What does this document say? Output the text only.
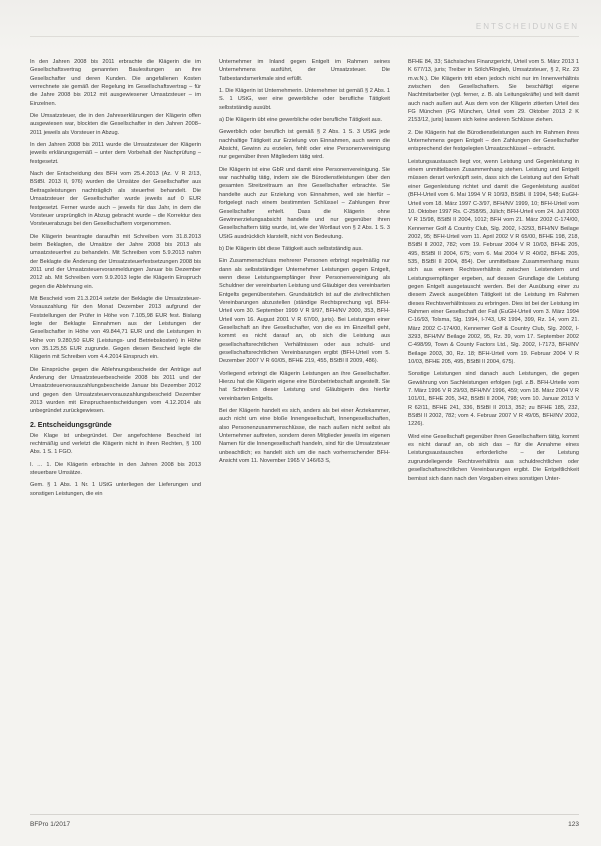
ENTSCHEIDUNGEN

In den Jahren 2008 bis 2011 erbrachte die Klägerin die im Gesellschaftsvertrag genannten Baulesitungen an ihre Gesellschafter und deren Kunden. Die angefallenen Kosten verrechnete sie gemäß der Regelung im Gesellschaftsvertrag – für die Jahre 2008 bis 2012 mit ausgewiesener Umsatzsteuer – im Einzelnen.

Die Umsatzsteuer, die in den Jahreserklärungen der Klägerin offen ausgewiesen war, blockten die Gesellschafter in den Jahren 2008–2011 jeweils als Vorsteuer in Abzug.

In den Jahren 2008 bis 2011 wurde die Umsatzsteuer der Klägerin jeweils erklärungsgemäß – unter dem Vorbehalt der Nachprüfung – festgesetzt.

Nach der Entscheidung des BFH vom 25.4.2013 (Az. V R 2/13, BStBl. 2013 II, 976) wurden die Umsätze der Gesellschafter aus Beitragsleistungen nachträglich als steuerfrei behandelt. Die Umsatzsteuer der Gesellschafter wurde jeweils auf 0 EUR festgesetzt. Ferner wurde auch – jeweils für das Jahr, in dem die Vorsteuer ursprünglich in Abzug gebracht wurde – die Korrektur des Vorsteuerabzugs bei den Gesellschaftern vorgenommen.

Die Klägerin beantragte daraufhin mit Schreiben vom 31.8.2013 beim Beklagten, die Umsätze der Jahre 2008 bis 2013 als umsatzsteuerfrei zu behandeln. Mit Schreiben vom 5.9.2013 nahm der Beklagte die Änderung der Umsatzsteuerfestsetzungen 2008 bis 2011 und der Umsatzsteuervoranmeldungen Januar bis Dezember 2012 ab. Mit Schreiben vom 9.9.2013 legte die Klägerin Einspruch gegen die Ablehnung ein.

Mit Bescheid vom 21.3.2014 setzte der Beklagte die Umsatzsteuer-Vorauszahlung für den Monat Dezember 2013 aufgrund der Feststellungen der Prüfer in Höhe von 7.105,98 EUR fest. Bislang legte der Beklagte Einnahmen aus der Leistungen der Gesellschafter in Höhe von 49.844,71 EUR und die Leistungen in Höhe von 9.280,50 EUR (Leistungs- und Betriebskosten) in Höhe von 35.125,55 EUR zugrunde. Gegen diesen Bescheid legte die Klägerin mit Schreiben vom 4.4.2014 Einspruch ein.

Die Einsprüche gegen die Ablehnungsbescheide der Anträge auf Änderung der Umsatzsteuerbescheide 2008 bis 2011 und der Umsatzsteuervorauszahlungsbescheide Januar bis Dezember 2012 und gegen den Umsatzsteuervorauszahlungsbescheid Dezember 2013 wurden mit Einspruchsentscheidungen vom 4.12.2014 als unbegründet zurückgewiesen.

2. Entscheidungsgründe

Die Klage ist unbegründet. Der angefochtene Bescheid ist rechtmäßig und verletzt die Klägerin nicht in ihren Rechten, § 100 Abs. 1 S. 1 FGO.

I. … 1. Die Klägerin erbrachte in den Jahren 2008 bis 2013 steuerbare Umsätze.

Gem. § 1 Abs. 1 Nr. 1 UStG unterliegen der Lieferungen und sonstigen Leistungen, die ein

Unternehmer im Inland gegen Entgelt im Rahmen seines Unternehmens ausführt, der Umsatzsteuer. Die Tatbestandsmerkmale sind erfüllt.

1. Die Klägerin ist Unternehmerin. Unternehmer ist gemäß § 2 Abs. 1 S. 1 UStG, wer eine gewerbliche oder berufliche Tätigkeit selbstständig ausübt.

a) Die Klägerin übt eine gewerbliche oder berufliche Tätigkeit aus.

Gewerblich oder beruflich ist gemäß § 2 Abs. 1 S. 3 UStG jede nachhaltige Tätigkeit zur Erzielung von Einnahmen, auch wenn die Absicht, Gewinn zu erzielen, fehlt oder eine Personenvereinigung nur gegenüber ihren Mitgliedern tätig wird.

Die Klägerin ist eine GbR und damit eine Personenvereinigung. Sie war nachhaltig tätig, indem sie die Bürodienstleistungen über den gesamten Streitzeitraum an ihre Gesellschafter erbrachte. Sie handelte auch zur Erzielung von Einnahmen, weil sie hierfür – fortgelegt nach einem bestimmten Schlüssel – Zahlungen ihrer Gesellschafter erhielt. Dass die Klägerin ohne Gewinnerzielungsabsicht handelte und nur gegenüber ihren Gesellschaftern tätig wurde, ist, wie der Wortlaut von § 2 Abs. 1 S. 3 UStG ausdrücklich klarstellt, nicht von Bedeutung.

b) Die Klägerin übt diese Tätigkeit auch selbstständig aus.

Ein Zusammenschluss mehrerer Personen erbringt regelmäßig nur dann als selbstständiger Unternehmer Leistungen gegen Entgelt, wenn diese Leistungsempfänger ihrer Personenvereinigung als Schuldner der vereinbarten Leistung und Gläubiger des vereinbarten Entgelts gegenüberstehen. Grundsätzlich ist auf die zivilrechtlichen Vereinbarungen abzustellen (ständige Rechtsprechung vgl. BFH-Urteil vom 30. September 1999 V R 9/97, BFH/NV 2000, 353, BFH-Urteil vom 16. August 2001 V R 67/00, juris). Bei Leistungen einer Gesellschaft an ihre Gesellschafter, von die es im Einzelfall geht, kommt es nicht darauf an, ob sich die Leistung aus gesellschaftsrechtlichen Verhältnissen oder aus schuld- und gesellschaftsrechtlichen Vereinbarungen ergibt (BFH-Urteil vom 5. Dezember 2007 V R 60/05, BFHE 219, 455, BStBl II 2009, 486).

Vorliegend erbringt die Klägerin Leistungen an ihre Gesellschafter. Hierzu hat die Klägerin eigene eine Bürobetriebschaft angestellt. Sie hat Schreiben dieser Leistung und Gläubigerin des hierfür vereinbarten Entgelts.

Bei der Klägerin handelt es sich, anders als bei einer Ärztekammer, auch nicht um eine bloße Innengesellschaft, Innengesellschaften, also Personenzusammenschlüsse, die nach außen nicht selbst als Unternehmer auftreten, sondern deren Mitglieder jeweils im eigenen Namen für die Innengesellschaft handeln, sind für die Umsatzsteuer unbeachtlich; es handelt sich um die nach vorherrschender BFH-Ansicht vom 11. November 1965 V 146/63 S,

BFHE 84, 33; Sächsisches Finanzgericht, Urteil vom 5. März 2013 1 K 677/13, juris; Treiber in Sölch/Ringleb, Umsatzsteuer, § 2, Rz. 23 m.w.N.). Die Klägerin tritt eben jedoch nicht nur im Innenverhältnis zwischen den Gesellschaftern. Sie beschäftigt eigene Nachtmitarbeiter (vgl. ferner, z. B. als Leitungskräfte) und teilt damit auch nach außen auf. Aus dem von der Klägerin zitierten Urteil des FG München (FG München, Urteil vom 29. Oktober 2013 2 K 2153/12, juris) lassen sich keine anderen Schlüsse ziehen.

2. Die Klägerin hat die Bürodienstleistungen auch im Rahmen ihres Unternehmens gegen Entgelt – den Zahlungen der Gesellschafter entsprechend der festgelegten Umsatzschlüssel – erbracht.

Leistungsaustausch liegt vor, wenn Leistung und Gegenleistung in einem unmittelbaren Zusammenhang stehen. Leistung und Entgelt müssen derart verknüpft sein, dass sich die Leistung auf den Erhalt einer Gegenleistung richtet und damit die Gegenleistung auslöst (BFH-Urteil vom 6. Mai 1994 V R 10/93, BStBl. II 1994, 548; EuGH-Urteil vom 18. März 1997 C-3/97, BFH/NV 1999, 10; BFH-Urteil vom 10. Oktober 1997 Rs. C-258/95, Jülich; BFH-Urteil vom 24. Juli 2003 V R 15/98, BStBl II 2004, 1012; BFH vom 21. März 2002 C-174/00, Kennemer Golf & Country Club, Slg. 2002, I-3293, BFH/NV Beilage 2002, 95; BFH-Urteil vom 11. April 2002 V R 65/00, BFHE 198, 218, BStBl II 2002, 782; vom 19. Februar 2004 V R 10/03, BFHE 205, 495, BStBl II 2004, 675; vom 6. Mai 2004 V R 40/02, BFHE 205, 535, BStBl II 2004, 854). Der unmittelbare Zusammenhang muss sich aus einem Rechtsverhältnis zwischen Leistendem und Leistungsempfänger ergeben, auf dessen Grundlage die Leistung gegen Entgelt ausgetauscht werden. Bei der Ausübung einer zu diesem Zweck ausgeübten Tätigkeit ist die Leistung im Rahmen dieses Rechtsverhältnisses zu erbringen. Dies ist bei der Leistung im Rahmen einer Gesellschaft der Fall (EuGH-Urteil vom 3. März 1994 C-16/93, Tolsma, Slg. 1994, I-743, UR 1994, 399, Rz. 14, vom 21. März 2002 C-174/00, Kennemer Golf & Country Club, Slg. 2002, I-3293, BFH/NV Beilage 2002, 95, Rz. 39, vom 17. September 2002 C-498/99, Town & County Factors Ltd., Slg. 2002, I-7173, BFH/NV Beilage 2003, 30, Rz. 18; BFH-Urteil vom 19. Februar 2004 V R 10/03, BFHE 205, 495, BStBl II 2004, 675).

Sonstige Leistungen sind danach auch Leistungen, die gegen Gewährung von Sachleistungen erfolgen (vgl. z.B. BFH-Urteile vom 7. März 1996 V R 29/93, BFH/NV 1996, 459; vom 18. März 2004 V R 101/01, BFHE 205, 342, BStBl II 2004, 798; vom 10. Januar 2013 V R 62/11, BFHE 241, 336, BStBl II 2013, 352; zu BFHE 185, 232, BStBl II 2002, 782; vom 4. Februar 2007 V R 49/05, BFH/NV 2002, 1226).

Wird eine Gesellschaft gegenüber ihren Gesellschaftern tätig, kommt es nicht darauf an, ob sich das – für die Annahme eines Leistungsaustausches erforderliche – der Leistung zugrundeliegende Rechtsverhältnis aus schuldrechtlichen oder gesellschaftsrechtlichen Vereinbarungen ergibt. Die Entgeltlichkeit bemisst sich dann nach den Vorgaben eines sonstigen Unter-

BFPro 1/2017	123
